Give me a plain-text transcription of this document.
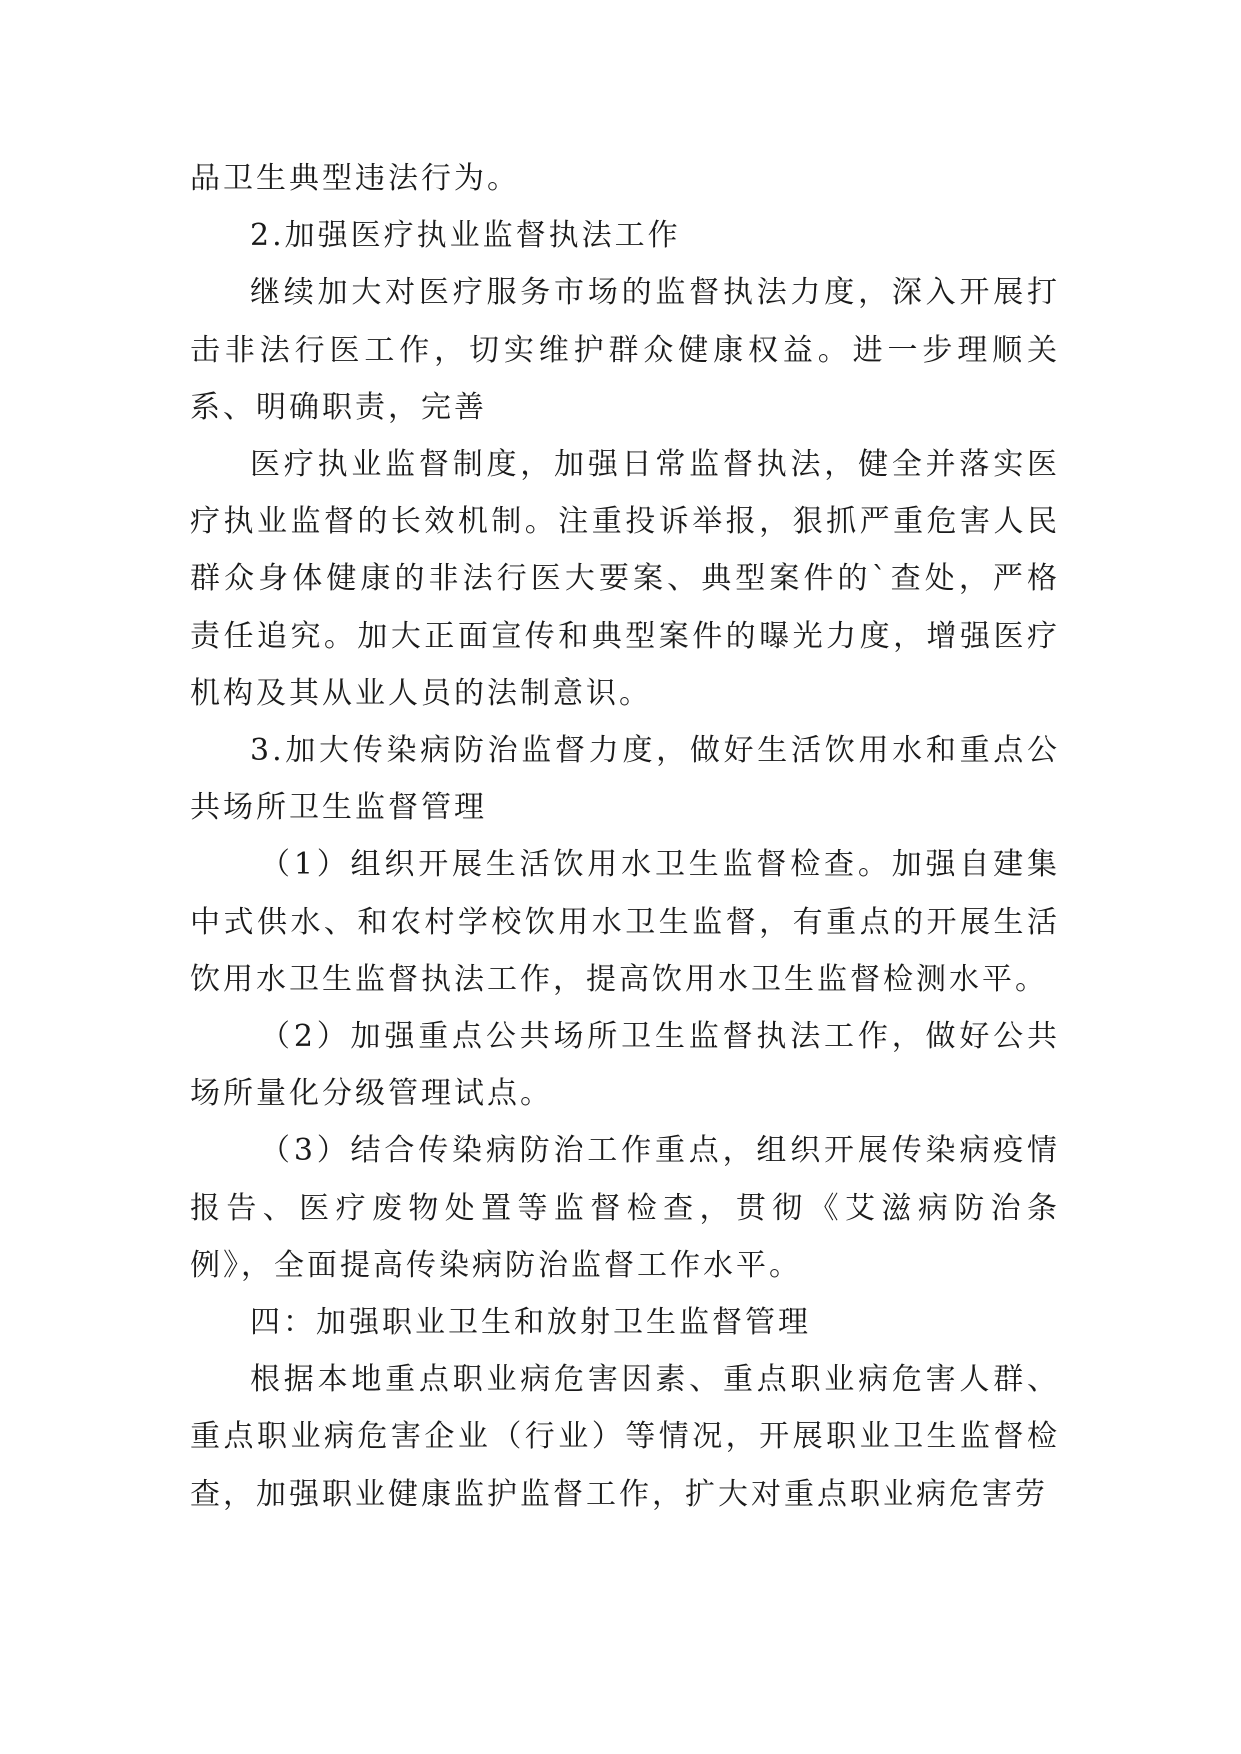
品卫生典型违法行为。

2.加强医疗执业监督执法工作

继续加大对医疗服务市场的监督执法力度，深入开展打击非法行医工作，切实维护群众健康权益。进一步理顺关系、明确职责，完善

医疗执业监督制度，加强日常监督执法，健全并落实医疗执业监督的长效机制。注重投诉举报，狠抓严重危害人民群众身体健康的非法行医大要案、典型案件的`查处，严格责任追究。加大正面宣传和典型案件的曝光力度，增强医疗机构及其从业人员的法制意识。

3.加大传染病防治监督力度，做好生活饮用水和重点公共场所卫生监督管理

（1）组织开展生活饮用水卫生监督检查。加强自建集中式供水、和农村学校饮用水卫生监督，有重点的开展生活饮用水卫生监督执法工作，提高饮用水卫生监督检测水平。

（2）加强重点公共场所卫生监督执法工作，做好公共场所量化分级管理试点。

（3）结合传染病防治工作重点，组织开展传染病疫情报告、医疗废物处置等监督检查，贯彻《艾滋病防治条例》，全面提高传染病防治监督工作水平。

四：加强职业卫生和放射卫生监督管理

根据本地重点职业病危害因素、重点职业病危害人群、重点职业病危害企业（行业）等情况，开展职业卫生监督检查，加强职业健康监护监督工作，扩大对重点职业病危害劳
